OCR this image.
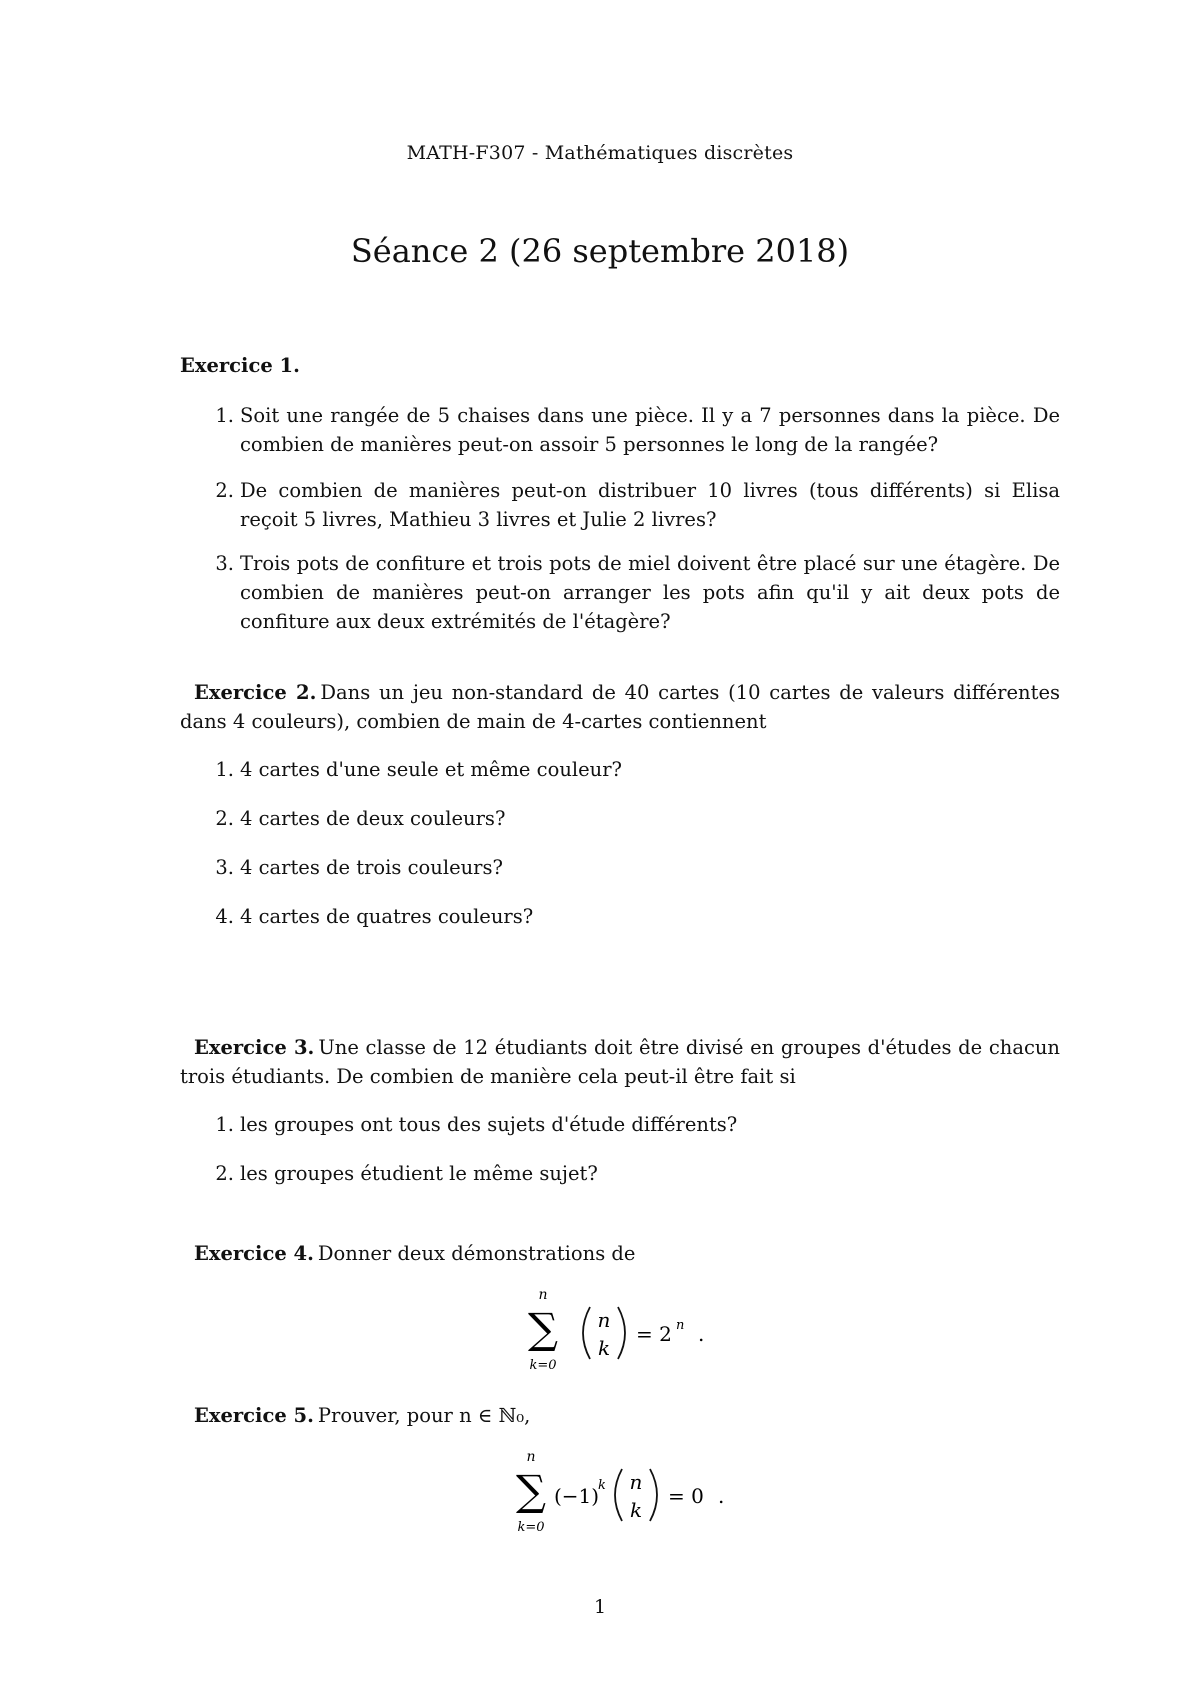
MATH-F307 - Mathématiques discrètes
Séance 2 (26 septembre 2018)
Exercice 1.
1. Soit une rangée de 5 chaises dans une pièce. Il y a 7 personnes dans la pièce. De combien de manières peut-on assoir 5 personnes le long de la rangée?
2. De combien de manières peut-on distribuer 10 livres (tous différents) si Elisa reçoit 5 livres, Mathieu 3 livres et Julie 2 livres?
3. Trois pots de confiture et trois pots de miel doivent être placé sur une étagère. De combien de manières peut-on arranger les pots afin qu'il y ait deux pots de confiture aux deux extrémités de l'étagère?
Exercice 2. Dans un jeu non-standard de 40 cartes (10 cartes de valeurs différentes dans 4 couleurs), combien de main de 4-cartes contiennent
1. 4 cartes d'une seule et même couleur?
2. 4 cartes de deux couleurs?
3. 4 cartes de trois couleurs?
4. 4 cartes de quatres couleurs?
Exercice 3. Une classe de 12 étudiants doit être divisé en groupes d'études de chacun trois étudiants. De combien de manière cela peut-il être fait si
1. les groupes ont tous des sujets d'étude différents?
2. les groupes étudient le même sujet?
Exercice 4. Donner deux démonstrations de
n
∑
k=0
n
k
= 2 n .
Exercice 5. Prouver, pour n ∈ ℕ₀,
n
∑
k=0
(−1)
k n
k
= 0 .
1
